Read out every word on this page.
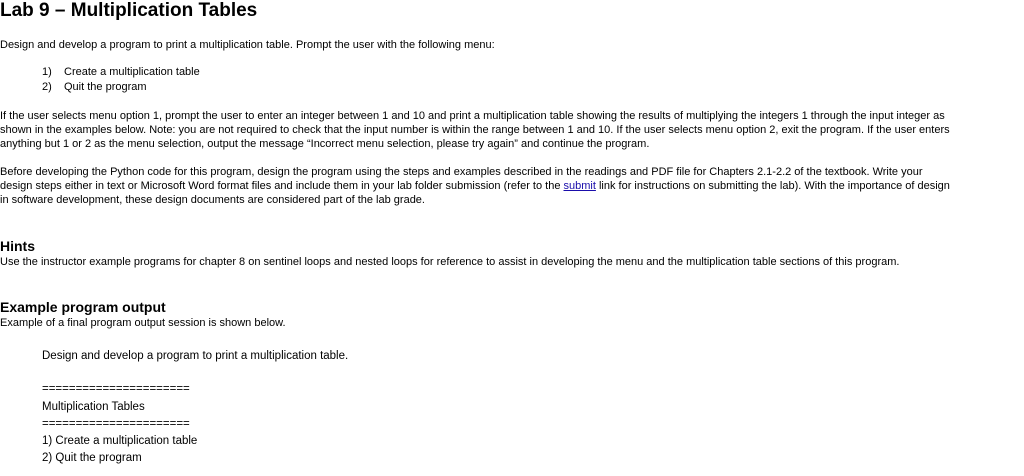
Lab 9 – Multiplication Tables

Design and develop a program to print a multiplication table. Prompt the user with the following menu:

1) Create a multiplication table
2) Quit the program

If the user selects menu option 1, prompt the user to enter an integer between 1 and 10 and print a multiplication table showing the results of multiplying the integers 1 through the input integer as

shown in the examples below. Note: you are not required to check that the input number is within the range between 1 and 10. If the user selects menu option 2, exit the program. If the user enters

anything but 1 or 2 as the menu selection, output the message “Incorrect menu selection, please try again” and continue the program.

Before developing the Python code for this program, design the program using the steps and examples described in the readings and PDF file for Chapters 2.1-2.2 of the textbook. Write your

design steps either in text or Microsoft Word format files and include them in your lab folder submission (refer to the submit link for instructions on submitting the lab). With the importance of design

in software development, these design documents are considered part of the lab grade.

Hints

Use the instructor example programs for chapter 8 on sentinel loops and nested loops for reference to assist in developing the menu and the multiplication table sections of this program.

Example program output

Example of a final program output session is shown below.

Design and develop a program to print a multiplication table.
======================
Multiplication Tables
======================
1) Create a multiplication table
2) Quit the program
